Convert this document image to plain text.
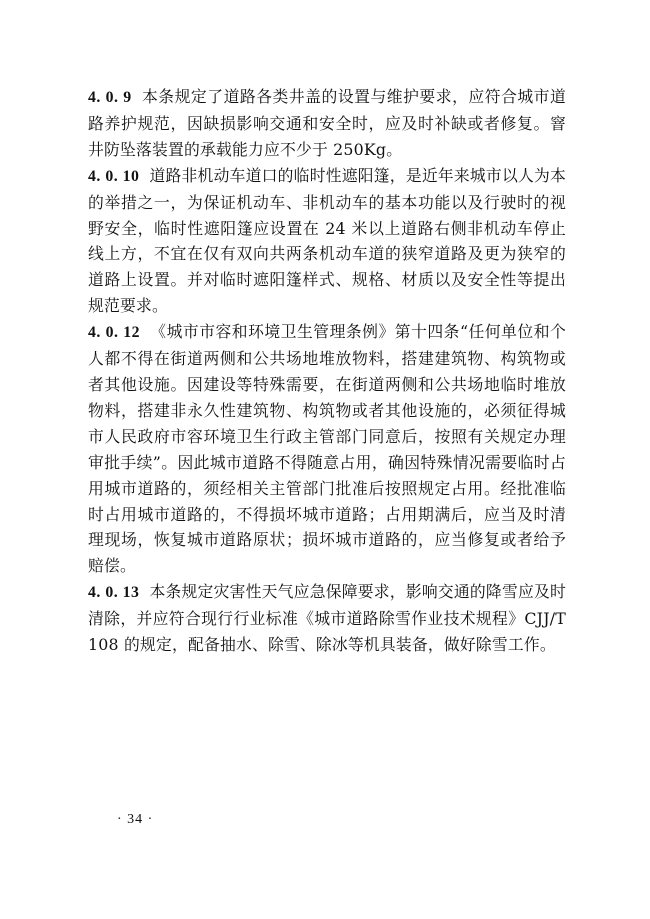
4. 0. 9 本条规定了道路各类井盖的设置与维护要求，应符合城市道路养护规范，因缺损影响交通和安全时，应及时补缺或者修复。窨井防坠落装置的承载能力应不少于 250Kg。

4. 0. 10 道路非机动车道口的临时性遮阳篷，是近年来城市以人为本的举措之一，为保证机动车、非机动车的基本功能以及行驶时的视野安全，临时性遮阳篷应设置在 24 米以上道路右侧非机动车停止线上方，不宜在仅有双向共两条机动车道的狭窄道路及更为狭窄的道路上设置。并对临时遮阳篷样式、规格、材质以及安全性等提出规范要求。

4. 0. 12 《城市市容和环境卫生管理条例》第十四条“任何单位和个人都不得在街道两侧和公共场地堆放物料，搭建建筑物、构筑物或者其他设施。因建设等特殊需要，在街道两侧和公共场地临时堆放物料，搭建非永久性建筑物、构筑物或者其他设施的，必须征得城市人民政府市容环境卫生行政主管部门同意后，按照有关规定办理审批手续”。因此城市道路不得随意占用，确因特殊情况需要临时占用城市道路的，须经相关主管部门批准后按照规定占用。经批准临时占用城市道路的，不得损坏城市道路；占用期满后，应当及时清理现场，恢复城市道路原状；损坏城市道路的，应当修复或者给予赔偿。

4. 0. 13 本条规定灾害性天气应急保障要求，影响交通的降雪应及时清除，并应符合现行行业标准《城市道路除雪作业技术规程》CJJ/T 108 的规定，配备抽水、除雪、除冰等机具装备，做好除雪工作。

· 34 ·
